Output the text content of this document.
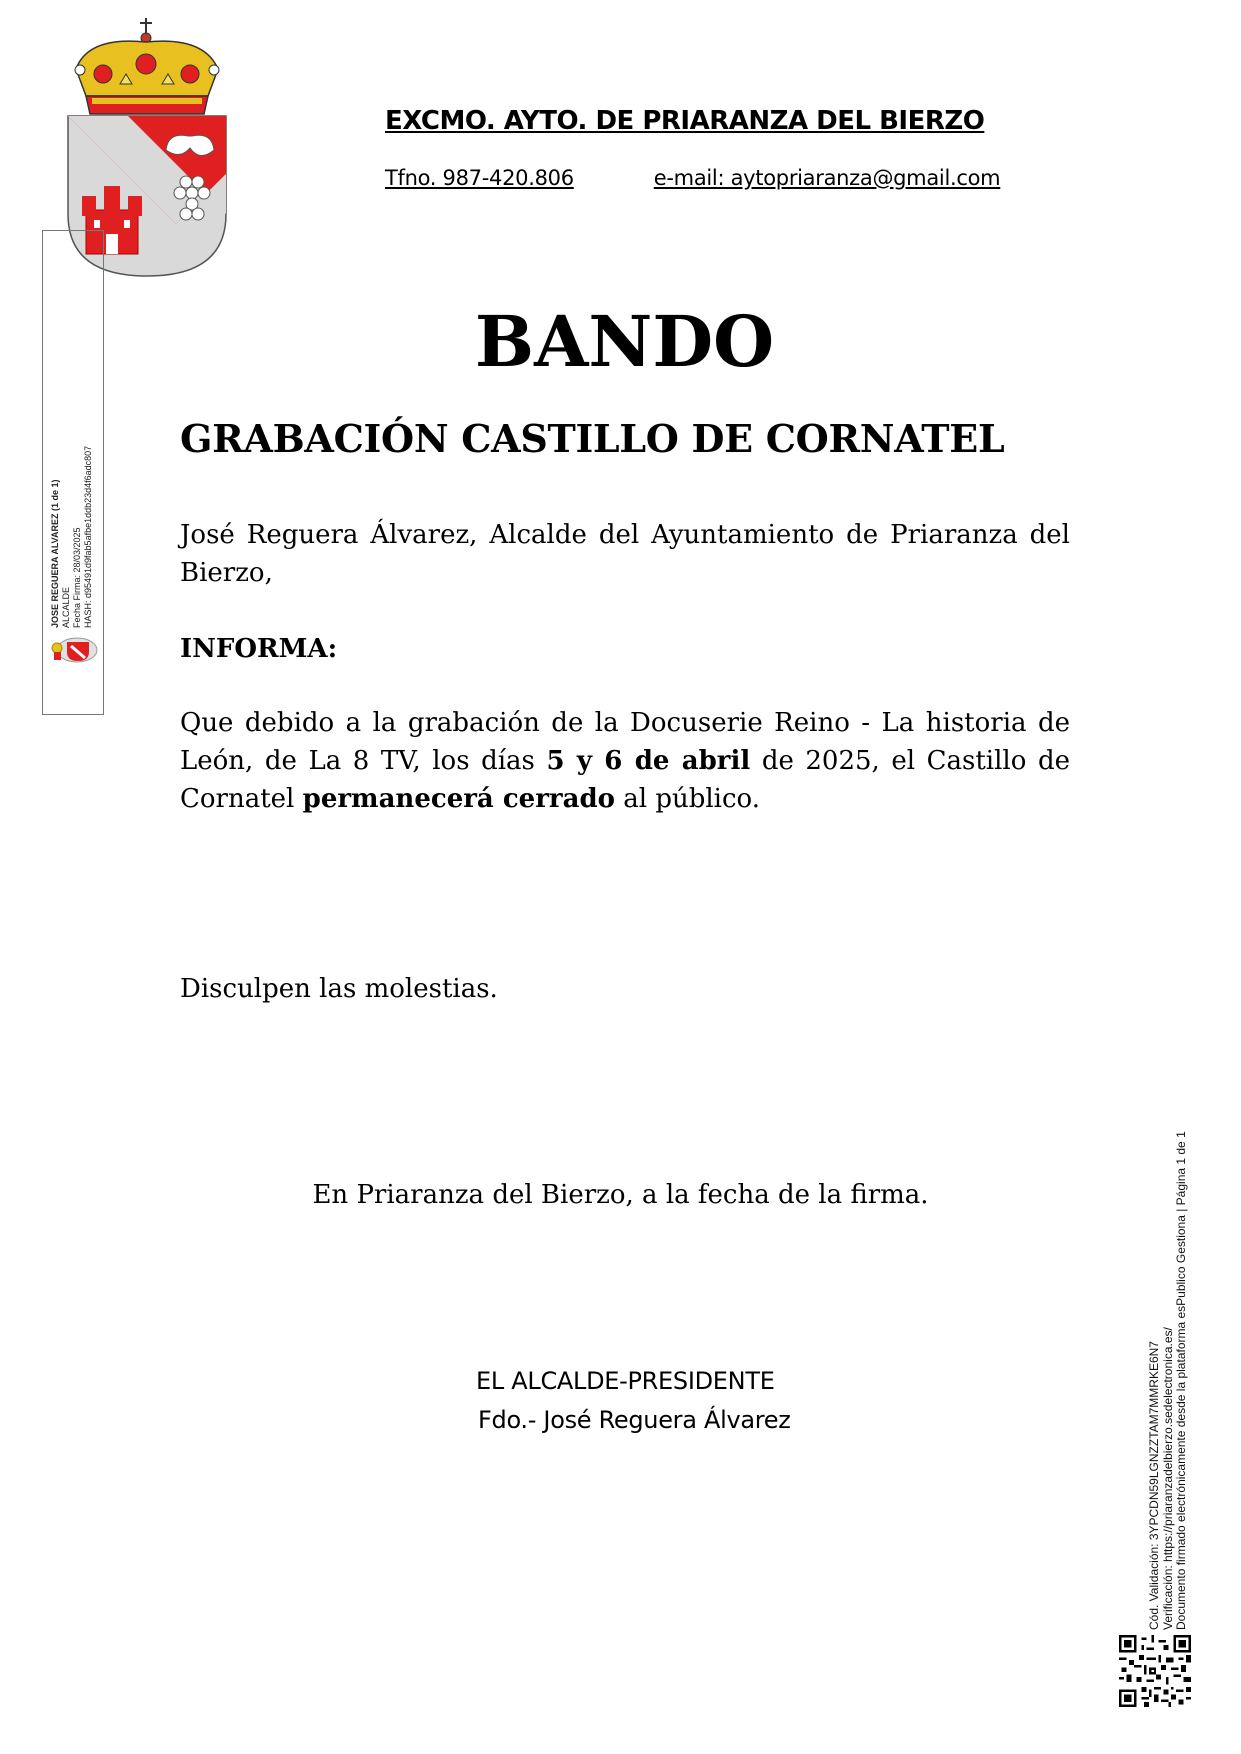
EXCMO. AYTO. DE PRIARANZA DEL BIERZO
Tfno. 987-420.806	e-mail: aytopriaranza@gmail.com
BANDO
GRABACIÓN CASTILLO DE CORNATEL
José Reguera Álvarez, Alcalde del Ayuntamiento de Priaranza del Bierzo,
INFORMA:
Que debido a la grabación de la Docuserie Reino - La historia de León, de La 8 TV, los días 5 y 6 de abril de 2025, el Castillo de Cornatel permanecerá cerrado al público.
Disculpen las molestias.
En Priaranza del Bierzo, a la fecha de la firma.
EL ALCALDE-PRESIDENTE
Fdo.- José Reguera Álvarez
JOSE REGUERA ALVAREZ (1 de 1) ALCALDE Fecha Firma: 28/03/2025 HASH: d95491d9fab5afbe1ddb23d4f6adc807
Cód. Validación: 3YPCDN59LGNZZTAM7MMRKE6N7 Verificación: https://priaranzadelbierzo.sedelectronica.es/ Documento firmado electrónicamente desde la plataforma esPublico Gestiona | Página 1 de 1
